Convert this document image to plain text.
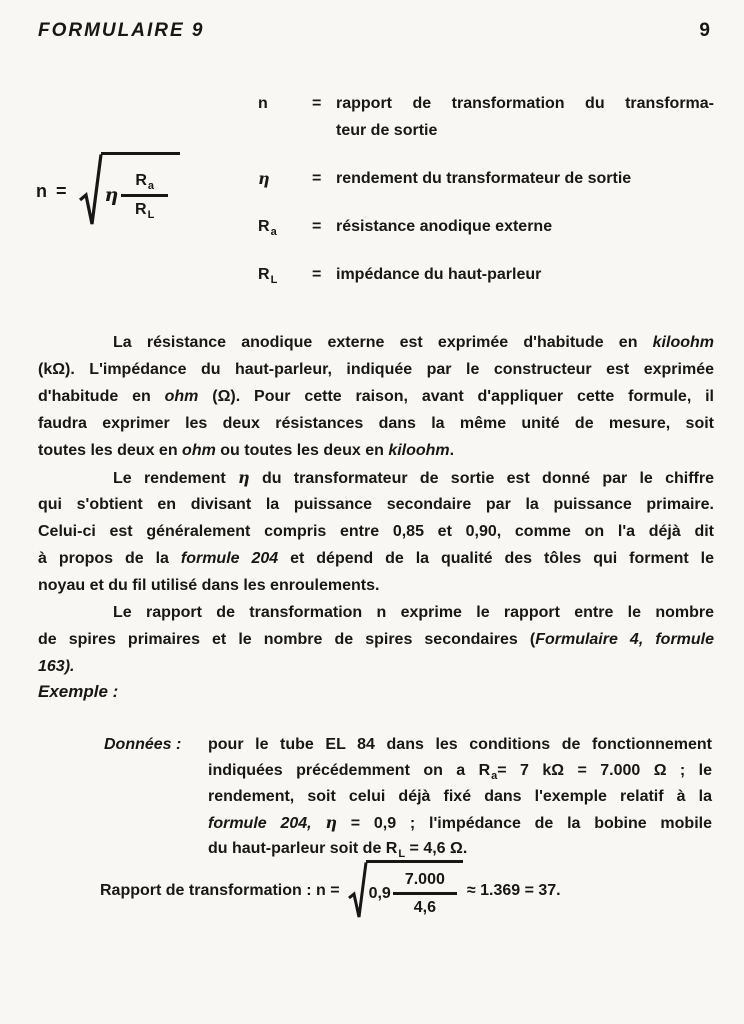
FORMULAIRE 9	9
n = η $\frac{R_a}{R_L}$
n	= rapport de transformation du transforma-
teur de sortie
η	= rendement du transformateur de sortie
$R_a$	= résistance anodique externe
$R_L$	= impédance du haut-parleur
La résistance anodique externe est exprimée d'habitude en kiloohm
(kΩ). L'impédance du haut-parleur, indiquée par le constructeur est exprimée
d'habitude en ohm (Ω). Pour cette raison, avant d'appliquer cette formule, il
faudra exprimer les deux résistances dans la même unité de mesure, soit
toutes les deux en ohm ou toutes les deux en kiloohm.
Le rendement η du transformateur de sortie est donné par le chiffre
qui s'obtient en divisant la puissance secondaire par la puissance primaire.
Celui-ci est généralement compris entre 0,85 et 0,90, comme on l'a déjà dit
à propos de la formule 204 et dépend de la qualité des tôles qui forment le
noyau et du fil utilisé dans les enroulements.
Le rapport de transformation n exprime le rapport entre le nombre
de spires primaires et le nombre de spires secondaires (Formulaire 4, formule
163).
Exemple :
Données :	pour le tube EL 84 dans les conditions de fonctionnement
indiquées précédemment on a $R_a= 7$ kΩ = 7.000 Ω ; le
rendement, soit celui déjà fixé dans l'exemple relatif à la
formule 204, η = 0,9 ; l'impédance de la bobine mobile
du haut-parleur soit de $R_L = 4,6$ Ω.
Rapport de transformation : $n = 0,9 \frac{7.000}{4,6} \approx 1.369 = 37$.
